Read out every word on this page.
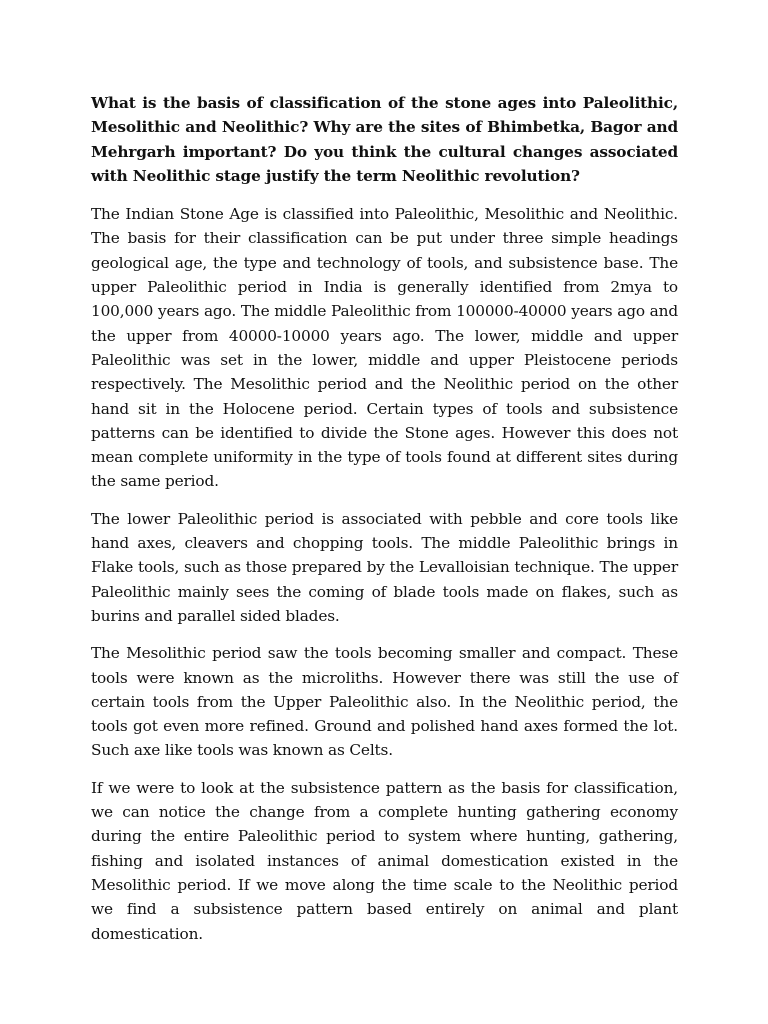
What is the basis of classification of the stone ages into Paleolithic, Mesolithic and Neolithic? Why are the sites of Bhimbetka, Bagor and Mehrgarh important? Do you think the cultural changes associated with Neolithic stage justify the term Neolithic revolution?

The Indian Stone Age is classified into Paleolithic, Mesolithic and Neolithic. The basis for their classification can be put under three simple headings geological age, the type and technology of tools, and subsistence base. The upper Paleolithic period in India is generally identified from 2mya to 100,000 years ago. The middle Paleolithic from 100000-40000 years ago and the upper from 40000-10000 years ago. The lower, middle and upper Paleolithic was set in the lower, middle and upper Pleistocene periods respectively. The Mesolithic period and the Neolithic period on the other hand sit in the Holocene period. Certain types of tools and subsistence patterns can be identified to divide the Stone ages. However this does not mean complete uniformity in the type of tools found at different sites during the same period.

The lower Paleolithic period is associated with pebble and core tools like hand axes, cleavers and chopping tools. The middle Paleolithic brings in Flake tools, such as those prepared by the Levalloisian technique. The upper Paleolithic mainly sees the coming of blade tools made on flakes, such as burins and parallel sided blades.

The Mesolithic period saw the tools becoming smaller and compact. These tools were known as the microliths. However there was still the use of certain tools from the Upper Paleolithic also. In the Neolithic period, the tools got even more refined. Ground and polished hand axes formed the lot. Such axe like tools was known as Celts.

If we were to look at the subsistence pattern as the basis for classification, we can notice the change from a complete hunting gathering economy during the entire Paleolithic period to system where hunting, gathering, fishing and isolated instances of animal domestication existed in the Mesolithic period. If we move along the time scale to the Neolithic period we find a subsistence pattern based entirely on animal and plant domestication.
